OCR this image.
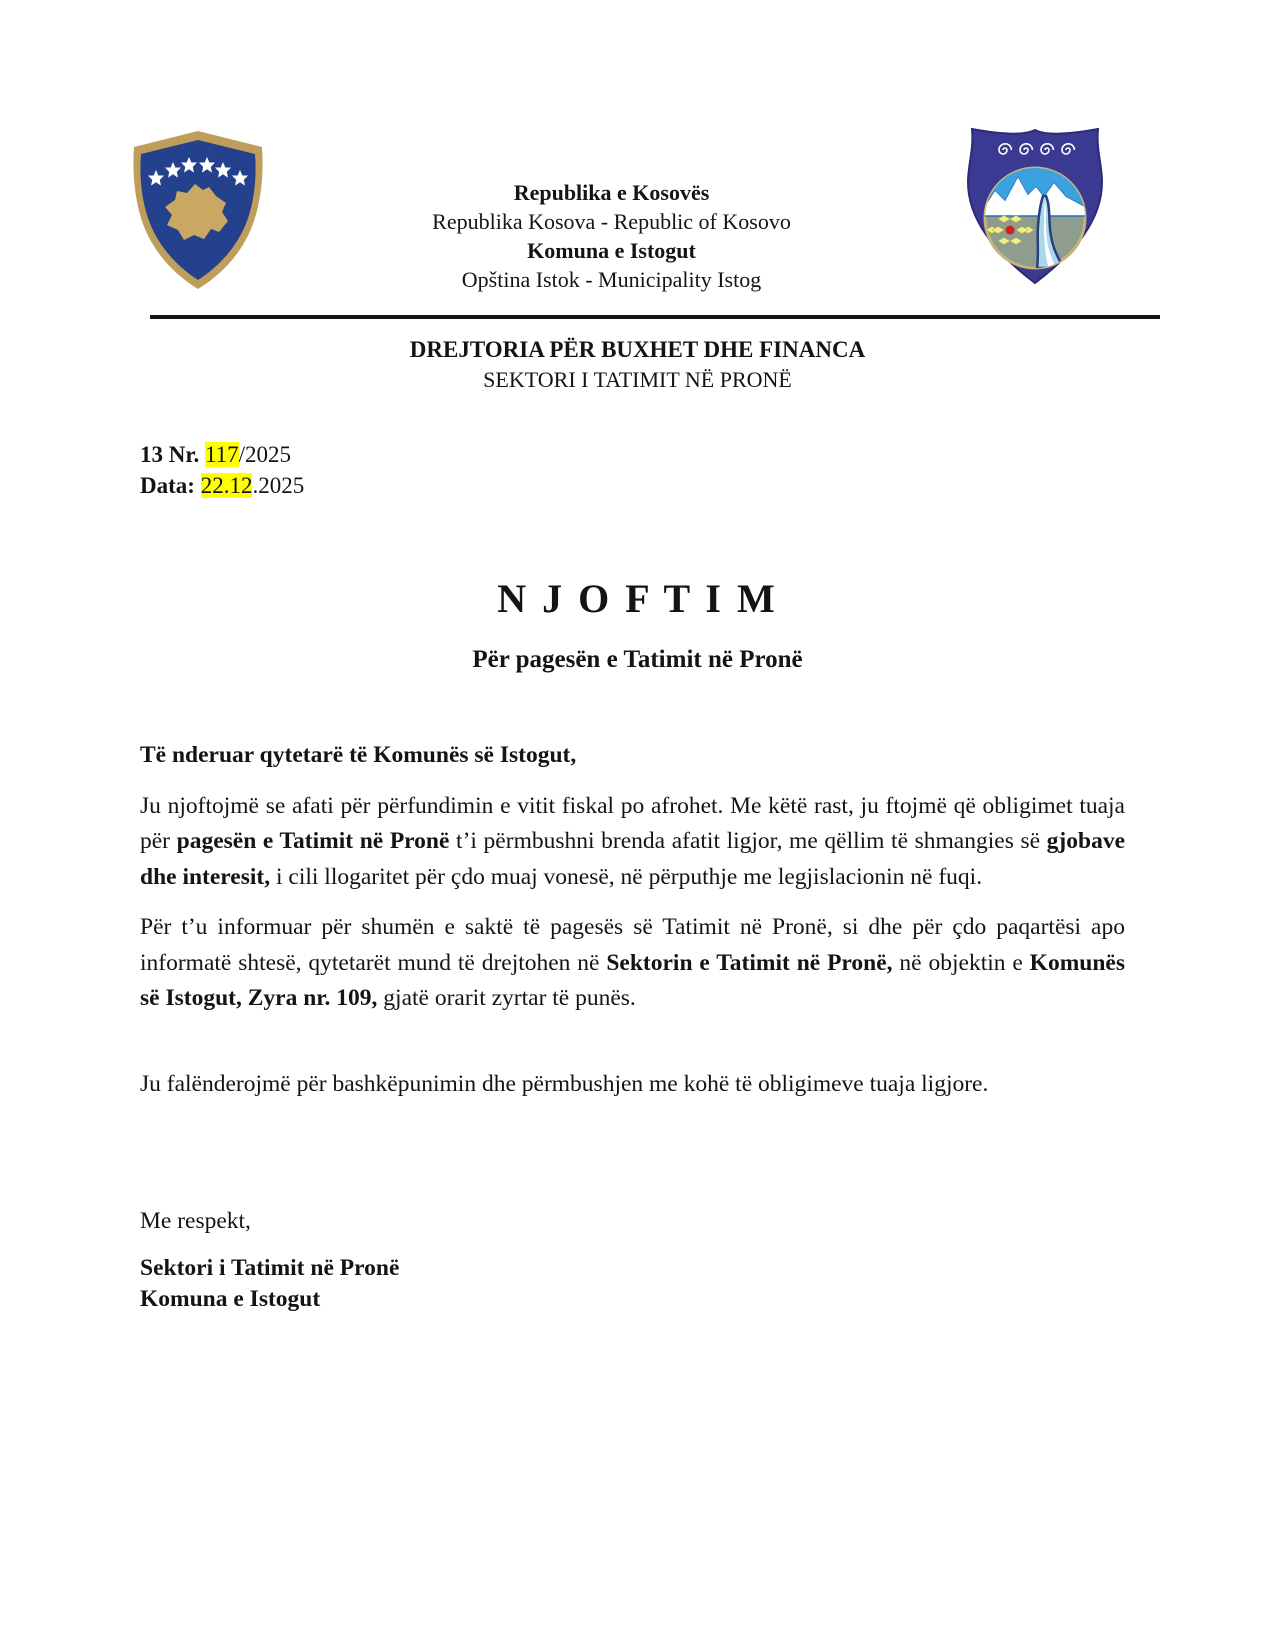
Republika e Kosovës
Republika Kosova - Republic of Kosovo
Komuna e Istogut
Opština Istok - Municipality Istog
DREJTORIA PËR BUXHET DHE FINANCA
SEKTORI I TATIMIT NË PRONË
13 Nr. 117/2025
Data: 22.12.2025
N J O F T I M
Për pagesën e Tatimit në Pronë
Të nderuar qytetarë të Komunës së Istogut,

Ju njoftojmë se afati për përfundimin e vitit fiskal po afrohet. Me këtë rast, ju ftojmë që obligimet tuaja për pagesën e Tatimit në Pronë t’i përmbushni brenda afatit ligjor, me qëllim të shmangies së gjobave dhe interesit, i cili llogaritet për çdo muaj vonesë, në përputhje me legjislacionin në fuqi.

Për t’u informuar për shumën e saktë të pagesës së Tatimit në Pronë, si dhe për çdo paqartësi apo informatë shtesë, qytetarët mund të drejtohen në Sektorin e Tatimit në Pronë, në objektin e Komunës së Istogut, Zyra nr. 109, gjatë orarit zyrtar të punës.

Ju falënderojmë për bashkëpunimin dhe përmbushjen me kohë të obligimeve tuaja ligjore.

Me respekt,
Sektori i Tatimit në Pronë
Komuna e Istogut
